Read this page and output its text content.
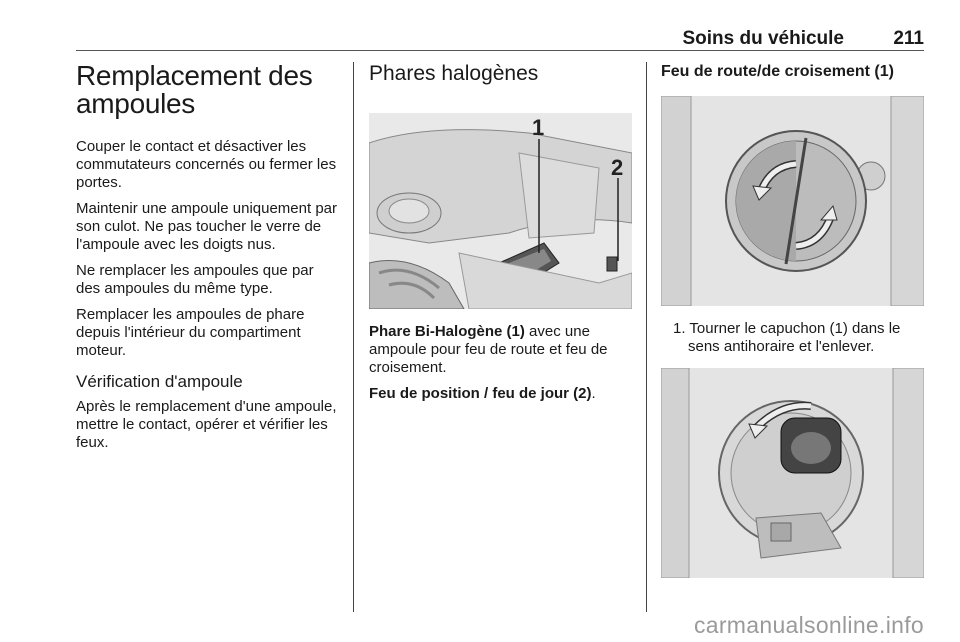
Soins du véhicule	211
Remplacement des
ampoules

Couper le contact et désactiver les commutateurs concernés ou fermer les portes.

Maintenir une ampoule uniquement par son culot. Ne pas toucher le verre de l'ampoule avec les doigts nus.

Ne remplacer les ampoules que par des ampoules du même type.

Remplacer les ampoules de phare depuis l'intérieur du compartiment moteur.

Vérification d'ampoule

Après le remplacement d'une ampoule, mettre le contact, opérer et vérifier les feux.

Phares halogènes
1
2

Phare Bi-Halogène (1) avec une ampoule pour feu de route et feu de croisement.

Feu de position / feu de jour (2).

Feu de route/de croisement (1)
1. Tourner le capuchon (1) dans le sens antihoraire et l'enlever.
carmanualsonline.info
